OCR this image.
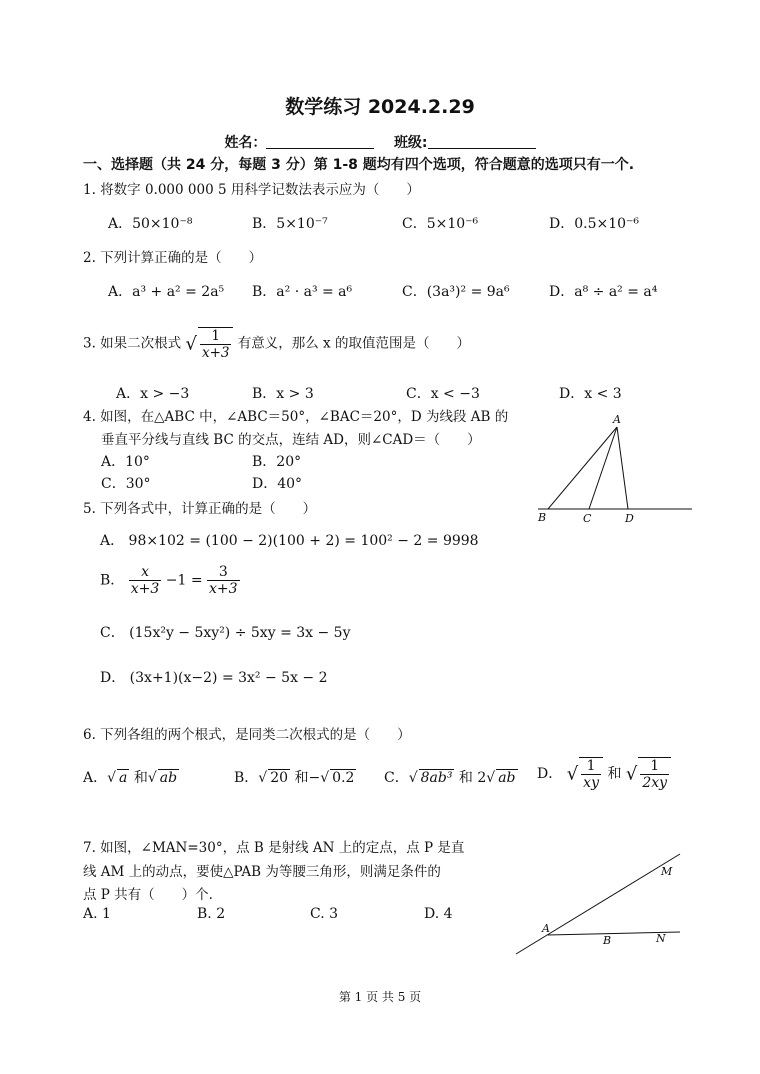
数学练习 2024.2.29
姓名：	班级:
一、选择题（共 24 分，每题 3 分）第 1-8 题均有四个选项，符合题意的选项只有一个.
1. 将数字 0.000 000 5 用科学记数法表示应为（　　）
A．50×10⁻⁸	B．5×10⁻⁷	C．5×10⁻⁶	D．0.5×10⁻⁶
2. 下列计算正确的是（　　）
A．a³ + a² = 2a⁵ B．a² · a³ = a⁶	C．(3a³)² = 9a⁶	D．a⁸ ÷ a² = a⁴
3. 如果二次根式 √ $\frac{1}{x+3}$ 有意义，那么 x 的取值范围是（　　）
A．x > −3	B．x > 3	C．x < −3	D．x < 3
4. 如图，在△ABC 中，∠ABC＝50°，∠BAC＝20°，D 为线段 AB 的
垂直平分线与直线 BC 的交点，连结 AD，则∠CAD＝（　　）
A．10°	B．20°
C．30°	D．40°
A
B	C	D
5. 下列各式中，计算正确的是（　　）
A． 98×102 = (100 − 2)(100 + 2) = 100² − 2 = 9998
B． $\frac{x}{x+3} -1 = \frac{3}{x+3}$
C． (15x²y − 5xy²) ÷ 5xy = 3x − 5y
D． (3x+1)(x−2) = 3x² − 5x − 2
6. 下列各组的两个根式，是同类二次根式的是（　　）
A．√ a 和√ ab	B．√ 20 和−√ 0.2 C．√ 8ab³ 和 2√ ab D． √ $\frac{1}{xy}$ 和 √ $\frac{1}{2xy}$
7. 如图，∠MAN=30°，点 B 是射线 AN 上的定点，点 P 是直
线 AM 上的动点，要使△PAB 为等腰三角形，则满足条件的
点 P 共有（　　）个.
A. 1	B. 2	C. 3	D. 4
A
B
M
N
第 1 页 共 5 页
